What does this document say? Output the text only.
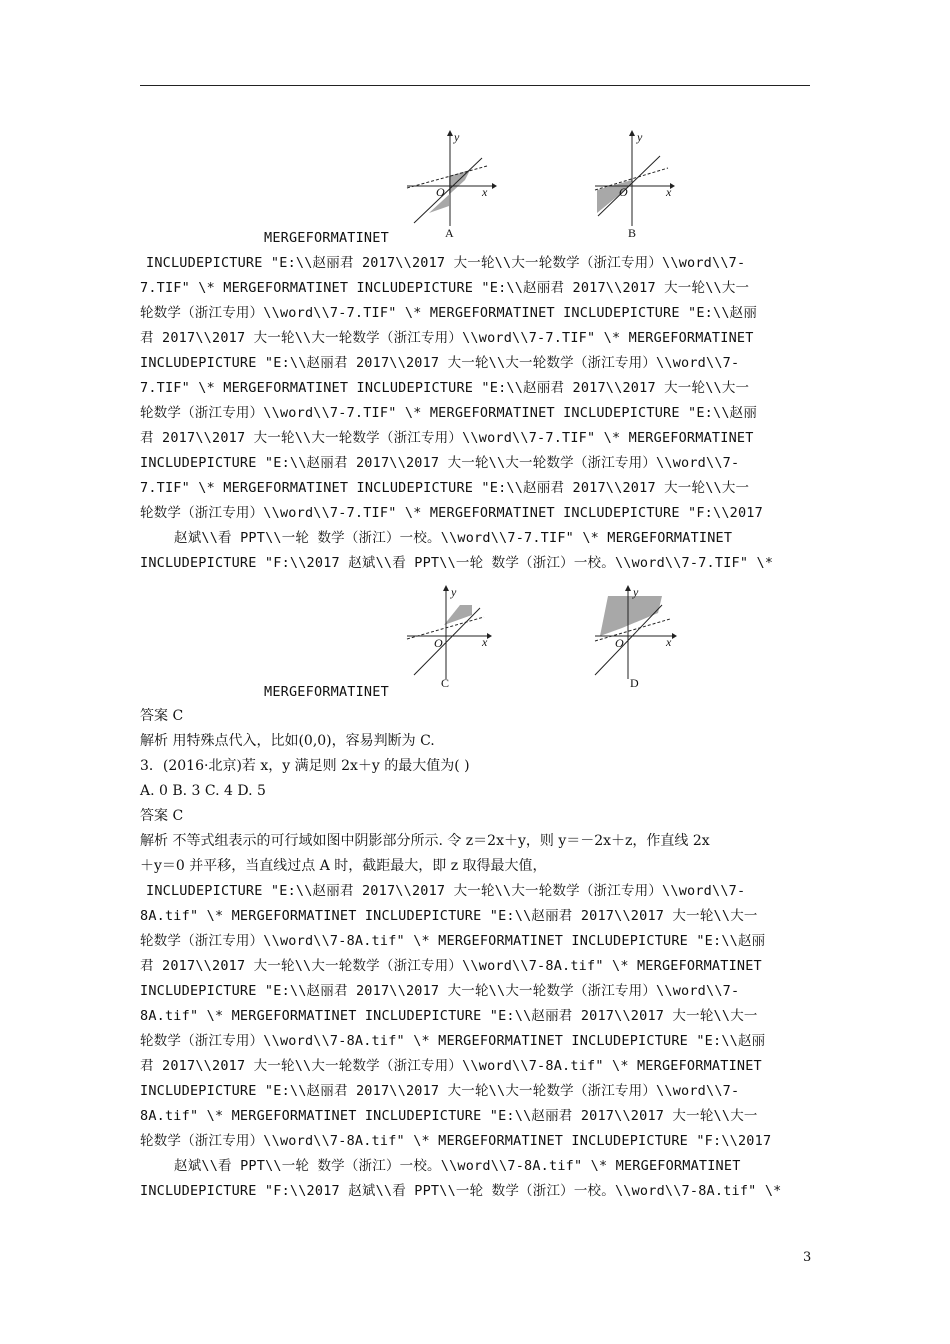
O	x
y
A
O	x
y
B
MERGEFORMATINET
INCLUDEPICTURE "E:\\赵丽君 2017\\2017 大一轮\\大一轮数学（浙江专用）\\word\\7-
7.TIF" \* MERGEFORMATINET INCLUDEPICTURE "E:\\赵丽君 2017\\2017 大一轮\\大一
轮数学（浙江专用）\\word\\7-7.TIF" \* MERGEFORMATINET INCLUDEPICTURE "E:\\赵丽
君 2017\\2017 大一轮\\大一轮数学（浙江专用）\\word\\7-7.TIF" \* MERGEFORMATINET
INCLUDEPICTURE "E:\\赵丽君 2017\\2017 大一轮\\大一轮数学（浙江专用）\\word\\7-
7.TIF" \* MERGEFORMATINET INCLUDEPICTURE "E:\\赵丽君 2017\\2017 大一轮\\大一
轮数学（浙江专用）\\word\\7-7.TIF" \* MERGEFORMATINET INCLUDEPICTURE "E:\\赵丽
君 2017\\2017 大一轮\\大一轮数学（浙江专用）\\word\\7-7.TIF" \* MERGEFORMATINET
INCLUDEPICTURE "E:\\赵丽君 2017\\2017 大一轮\\大一轮数学（浙江专用）\\word\\7-
7.TIF" \* MERGEFORMATINET INCLUDEPICTURE "E:\\赵丽君 2017\\2017 大一轮\\大一
轮数学（浙江专用）\\word\\7-7.TIF" \* MERGEFORMATINET INCLUDEPICTURE "F:\\2017
赵斌\\看 PPT\\一轮 数学（浙江）一校。\\word\\7-7.TIF" \* MERGEFORMATINET
INCLUDEPICTURE "F:\\2017 赵斌\\看 PPT\\一轮 数学（浙江）一校。\\word\\7-7.TIF" \*
O	x
y
C
O	x
y
D
MERGEFORMATINET
答案 C
解析 用特殊点代入，比如(0,0)，容易判断为 C.
3．(2016·北京)若 x，y 满足则 2x＋y 的最大值为( )
A. 0 B. 3 C. 4 D. 5
答案 C
解析 不等式组表示的可行域如图中阴影部分所示. 令 z＝2x＋y，则 y＝－2x＋z，作直线 2x
＋y＝0 并平移，当直线过点 A 时，截距最大，即 z 取得最大值，
INCLUDEPICTURE "E:\\赵丽君 2017\\2017 大一轮\\大一轮数学（浙江专用）\\word\\7-
8A.tif" \* MERGEFORMATINET INCLUDEPICTURE "E:\\赵丽君 2017\\2017 大一轮\\大一
轮数学（浙江专用）\\word\\7-8A.tif" \* MERGEFORMATINET INCLUDEPICTURE "E:\\赵丽
君 2017\\2017 大一轮\\大一轮数学（浙江专用）\\word\\7-8A.tif" \* MERGEFORMATINET
INCLUDEPICTURE "E:\\赵丽君 2017\\2017 大一轮\\大一轮数学（浙江专用）\\word\\7-
8A.tif" \* MERGEFORMATINET INCLUDEPICTURE "E:\\赵丽君 2017\\2017 大一轮\\大一
轮数学（浙江专用）\\word\\7-8A.tif" \* MERGEFORMATINET INCLUDEPICTURE "E:\\赵丽
君 2017\\2017 大一轮\\大一轮数学（浙江专用）\\word\\7-8A.tif" \* MERGEFORMATINET
INCLUDEPICTURE "E:\\赵丽君 2017\\2017 大一轮\\大一轮数学（浙江专用）\\word\\7-
8A.tif" \* MERGEFORMATINET INCLUDEPICTURE "E:\\赵丽君 2017\\2017 大一轮\\大一
轮数学（浙江专用）\\word\\7-8A.tif" \* MERGEFORMATINET INCLUDEPICTURE "F:\\2017
赵斌\\看 PPT\\一轮 数学（浙江）一校。\\word\\7-8A.tif" \* MERGEFORMATINET
INCLUDEPICTURE "F:\\2017 赵斌\\看 PPT\\一轮 数学（浙江）一校。\\word\\7-8A.tif" \*
3
